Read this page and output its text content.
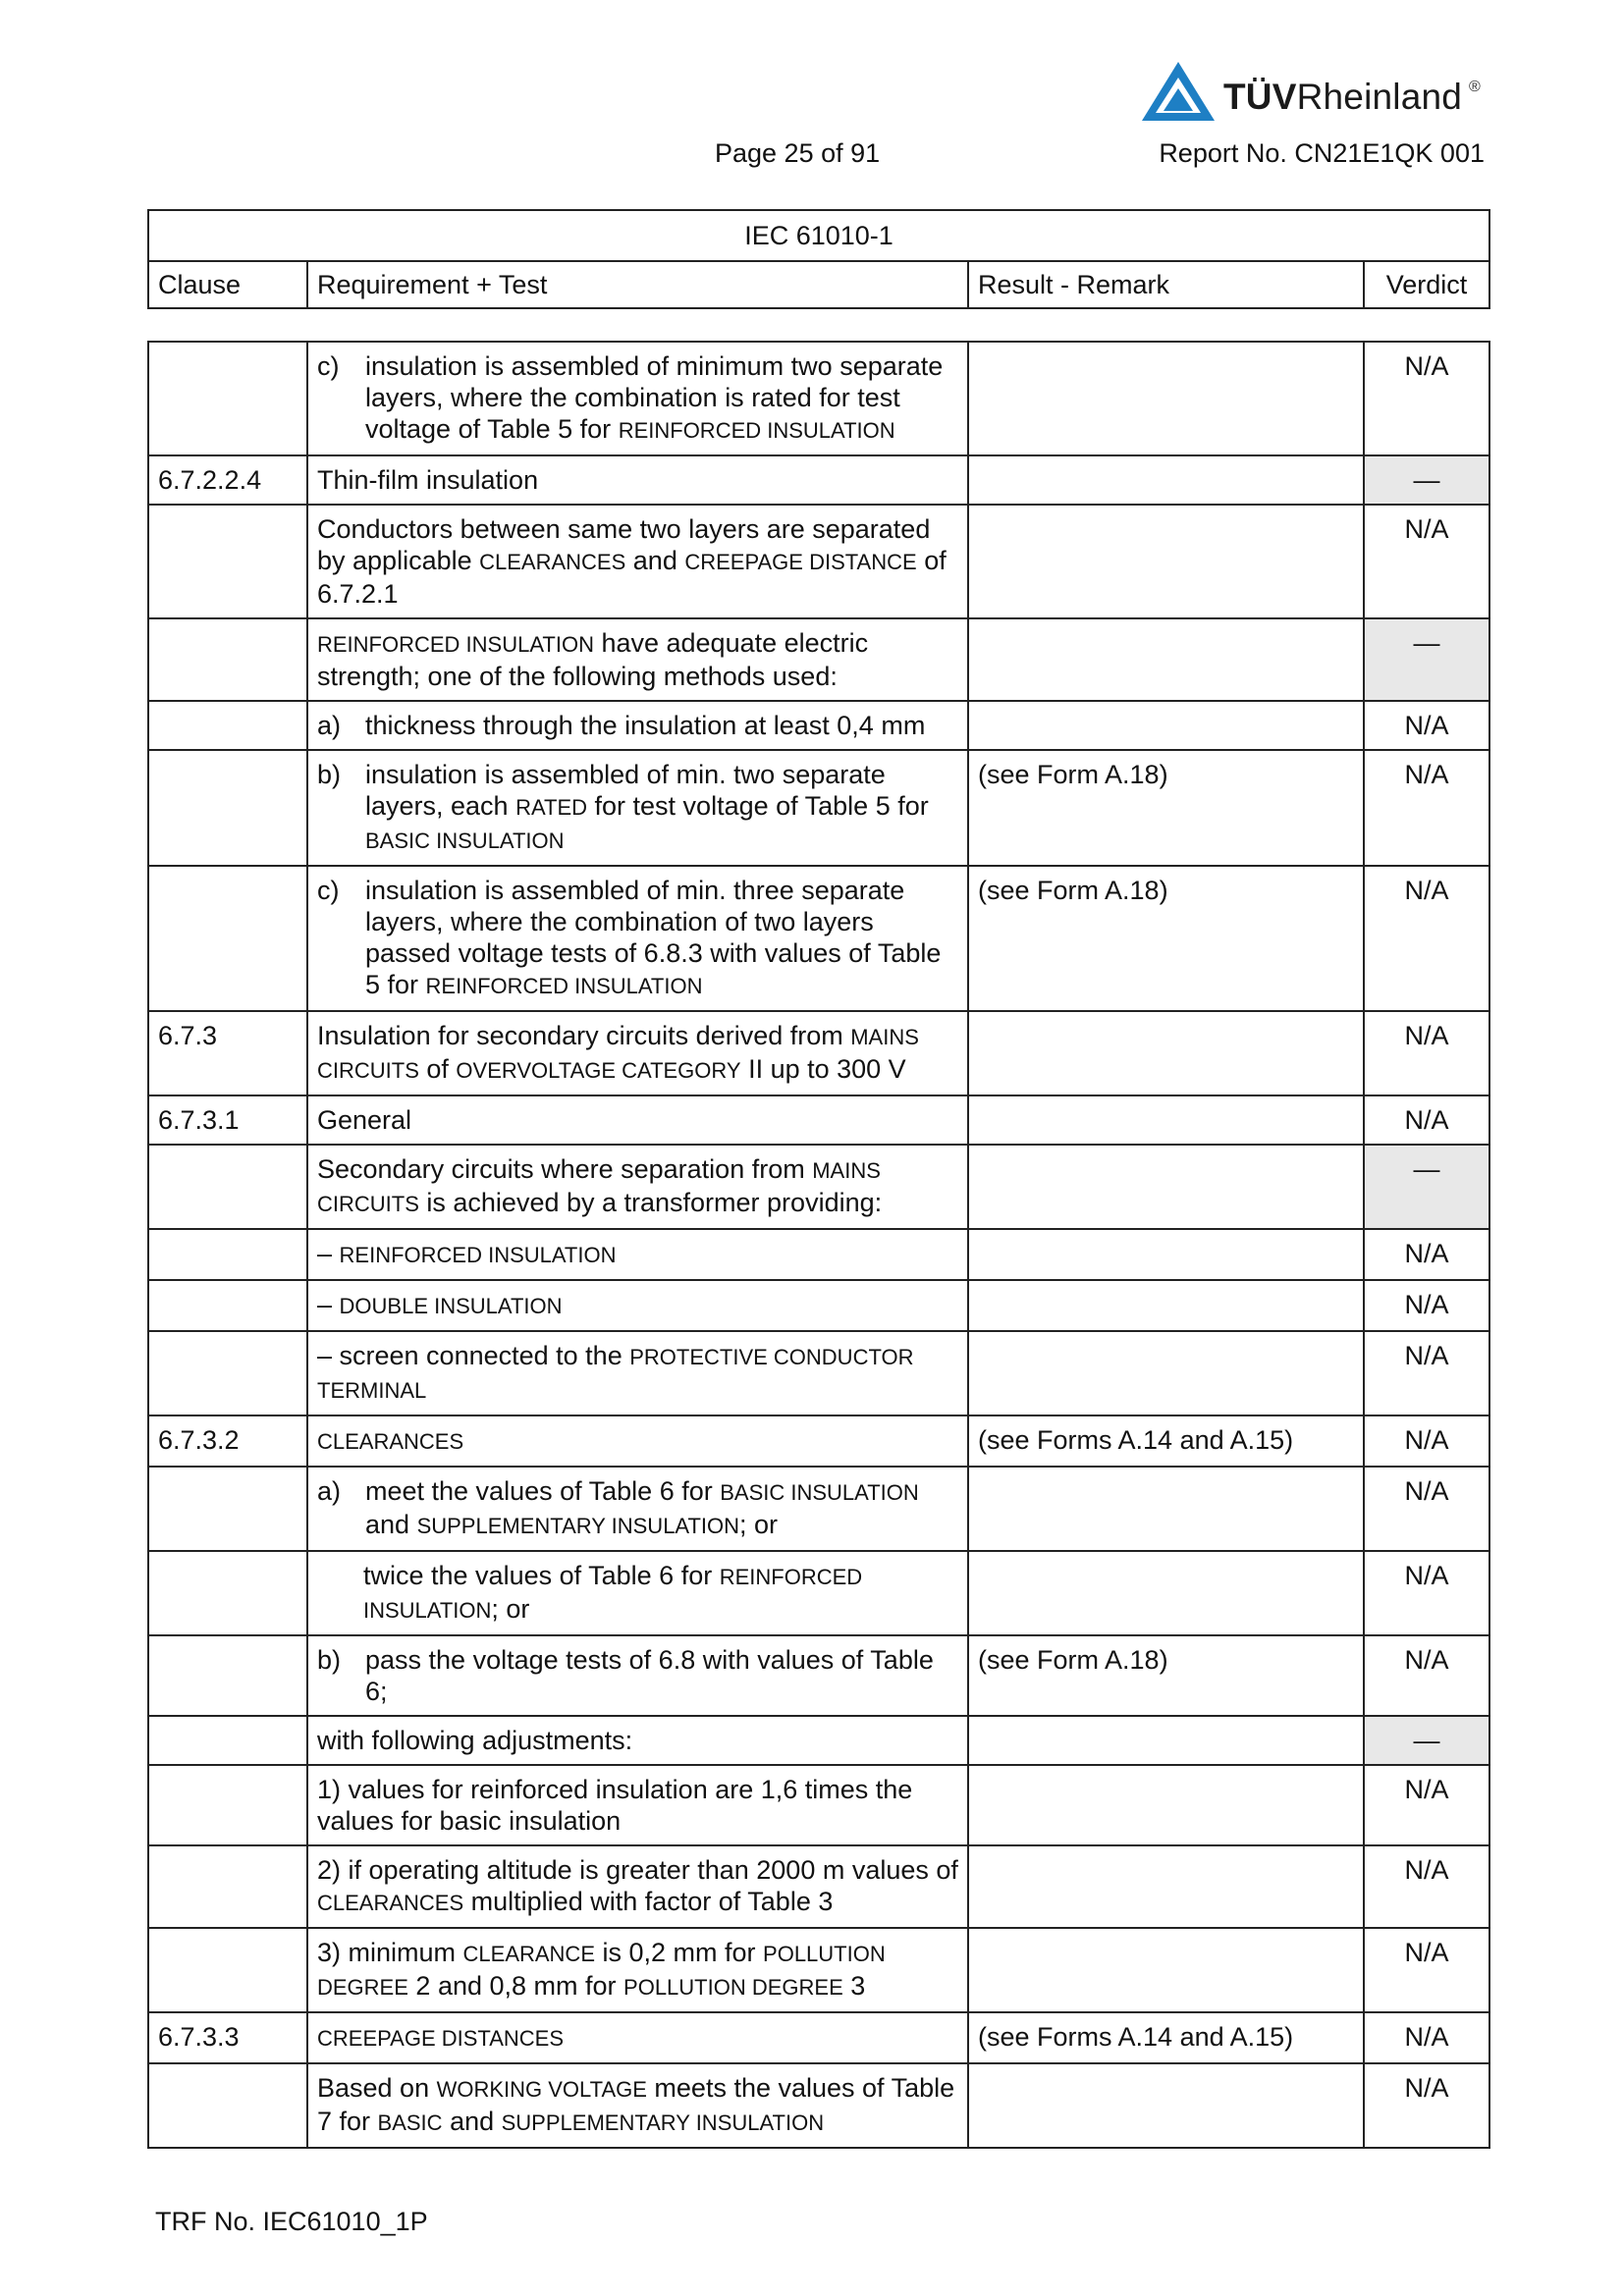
TÜVRheinland ®
Page 25 of 91	Report No. CN21E1QK 001
IEC 61010-1
Clause	Requirement + Test	Result - Remark	Verdict

	c) insulation is assembled of minimum two separate layers, where the combination is rated for test voltage of Table 5 for REINFORCED INSULATION		N/A
6.7.2.2.4	Thin-film insulation		—
	Conductors between same two layers are separated by applicable CLEARANCES and CREEPAGE DISTANCE of 6.7.2.1		N/A
	REINFORCED INSULATION have adequate electric strength; one of the following methods used:		—

	a) thickness through the insulation at least 0,4 mm		N/A

	b) insulation is assembled of min. two separate layers, each RATED for test voltage of Table 5 for BASIC INSULATION	(see Form A.18)	N/A

	c) insulation is assembled of min. three separate layers, where the combination of two layers passed voltage tests of 6.8.3 with values of Table 5 for REINFORCED INSULATION	(see Form A.18)	N/A
6.7.3	Insulation for secondary circuits derived from MAINS CIRCUITS of OVERVOLTAGE CATEGORY II up to 300 V		N/A
6.7.3.1	General		N/A
	Secondary circuits where separation from MAINS CIRCUITS is achieved by a transformer providing:		—
	– REINFORCED INSULATION		N/A
	– DOUBLE INSULATION		N/A
	– screen connected to the PROTECTIVE CONDUCTOR TERMINAL		N/A
6.7.3.2	CLEARANCES	(see Forms A.14 and A.15)	N/A

	a) meet the values of Table 6 for BASIC INSULATION and SUPPLEMENTARY INSULATION; or		N/A

	twice the values of Table 6 for REINFORCED INSULATION; or		N/A

	b) pass the voltage tests of 6.8 with values of Table 6;	(see Form A.18)	N/A
	with following adjustments:		—
	1) values for reinforced insulation are 1,6 times the values for basic insulation		N/A
	2) if operating altitude is greater than 2000 m values of CLEARANCES multiplied with factor of Table 3		N/A
	3) minimum CLEARANCE is 0,2 mm for POLLUTION DEGREE 2 and 0,8 mm for POLLUTION DEGREE 3		N/A
6.7.3.3	CREEPAGE DISTANCES	(see Forms A.14 and A.15)	N/A
	Based on WORKING VOLTAGE meets the values of Table 7 for BASIC and SUPPLEMENTARY INSULATION		N/A
TRF No. IEC61010_1P
